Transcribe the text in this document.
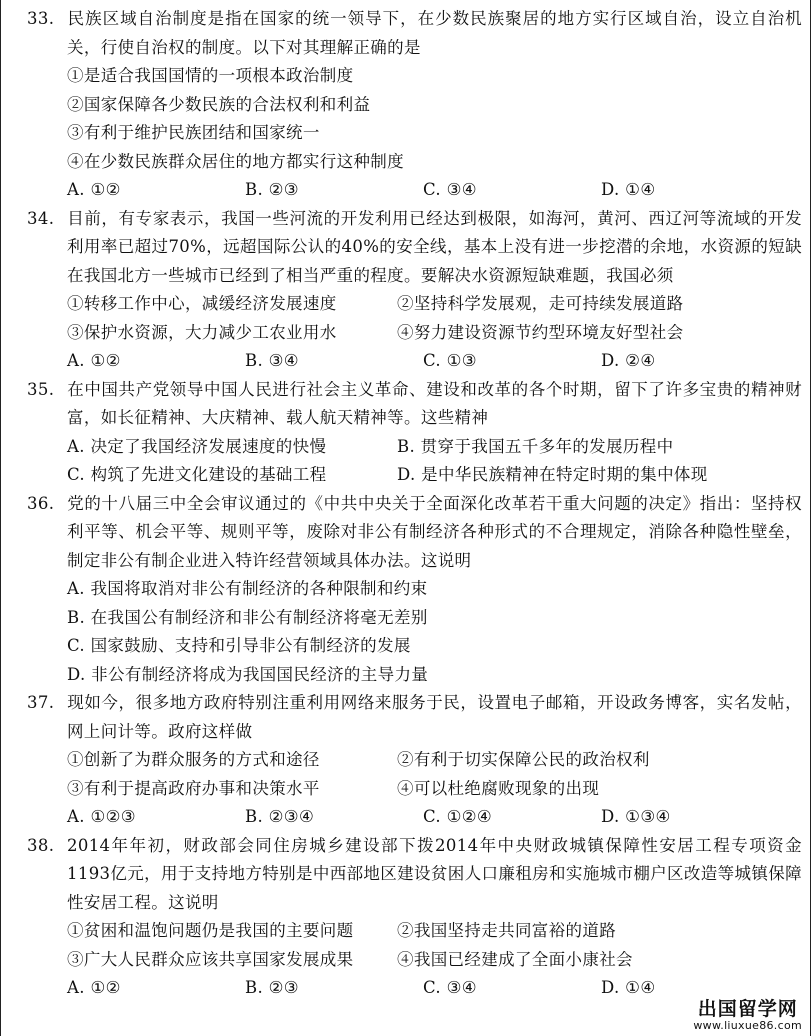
33. 民族区域自治制度是指在国家的统一领导下，在少数民族聚居的地方实行区域自治，设立自治机关，行使自治权的制度。以下对其理解正确的是

①是适合我国国情的一项根本政治制度
②国家保障各少数民族的合法权利和利益
③有利于维护民族团结和国家统一
④在少数民族群众居住的地方都实行这种制度
A. ①②	B. ②③	C. ③④	D. ①④

34. 目前，有专家表示，我国一些河流的开发利用已经达到极限，如海河，黄河、西辽河等流域的开发利用率已超过70%，远超国际公认的40%的安全线，基本上没有进一步挖潜的余地，水资源的短缺在我国北方一些城市已经到了相当严重的程度。要解决水资源短缺难题，我国必须

①转移工作中心，减缓经济发展速度	②坚持科学发展观，走可持续发展道路
③保护水资源，大力减少工农业用水	④努力建设资源节约型环境友好型社会
A. ①②	B. ③④	C. ①③	D. ②④

35. 在中国共产党领导中国人民进行社会主义革命、建设和改革的各个时期，留下了许多宝贵的精神财富，如长征精神、大庆精神、载人航天精神等。这些精神

A. 决定了我国经济发展速度的快慢	B. 贯穿于我国五千多年的发展历程中
C. 构筑了先进文化建设的基础工程	D. 是中华民族精神在特定时期的集中体现

36. 党的十八届三中全会审议通过的《中共中央关于全面深化改革若干重大问题的决定》指出：坚持权利平等、机会平等、规则平等，废除对非公有制经济各种形式的不合理规定，消除各种隐性壁垒，制定非公有制企业进入特许经营领域具体办法。这说明

A. 我国将取消对非公有制经济的各种限制和约束
B. 在我国公有制经济和非公有制经济将毫无差别
C. 国家鼓励、支持和引导非公有制经济的发展
D. 非公有制经济将成为我国国民经济的主导力量

37. 现如今，很多地方政府特别注重利用网络来服务于民，设置电子邮箱，开设政务博客，实名发帖，网上问计等。政府这样做

①创新了为群众服务的方式和途径	②有利于切实保障公民的政治权利
③有利于提高政府办事和决策水平	④可以杜绝腐败现象的出现
A. ①②③	B. ②③④	C. ①②④	D. ①③④

38. 2014年年初，财政部会同住房城乡建设部下拨2014年中央财政城镇保障性安居工程专项资金1193亿元，用于支持地方特别是中西部地区建设贫困人口廉租房和实施城市棚户区改造等城镇保障性安居工程。这说明

①贫困和温饱问题仍是我国的主要问题	②我国坚持走共同富裕的道路
③广大人民群众应该共享国家发展成果	④我国已经建成了全面小康社会
A. ①②	B. ②③	C. ③④	D. ①④
出国留学网
www.liuxue86.com
